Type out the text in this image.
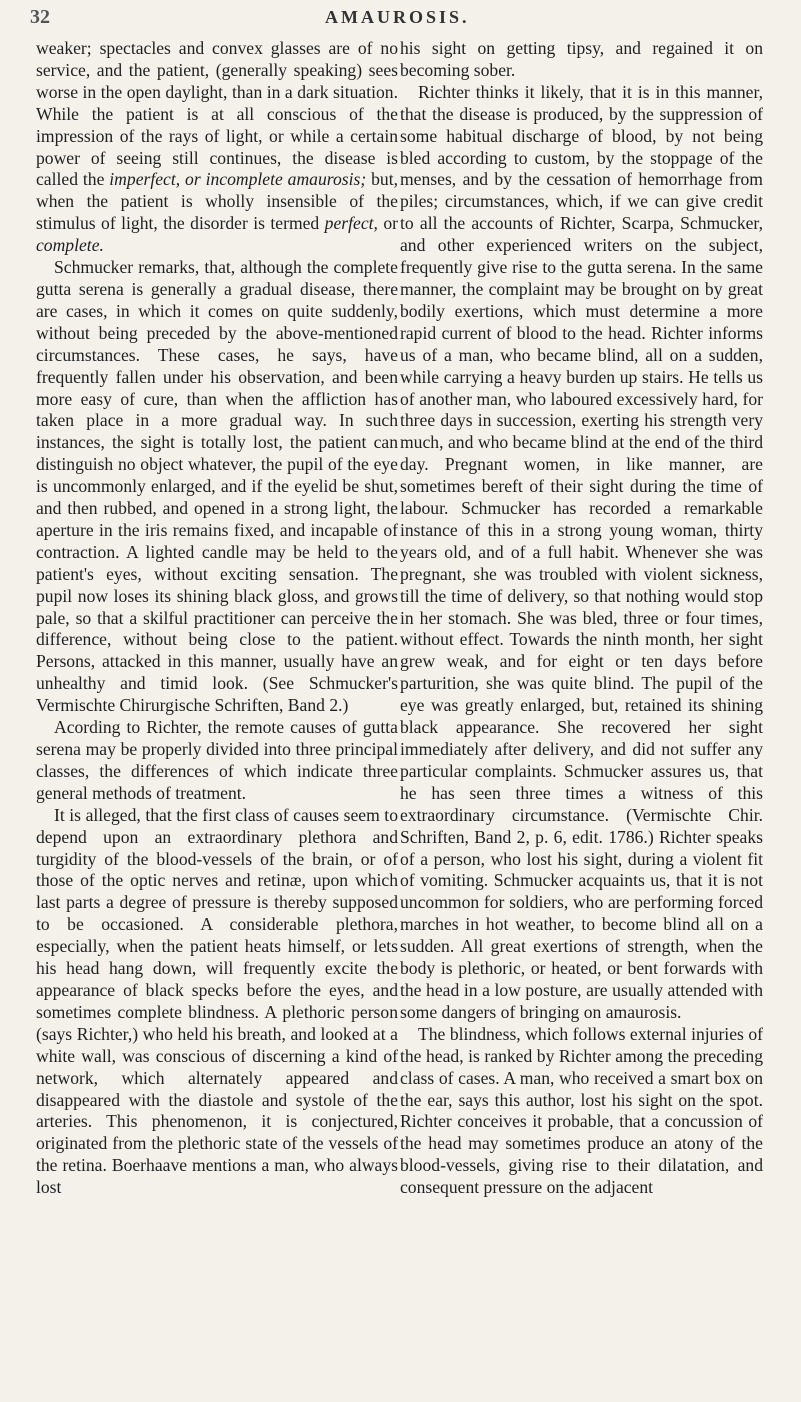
32	AMAUROSIS.

weaker; spectacles and convex glasses are of no service, and the patient, (generally speaking) sees worse in the open daylight, than in a dark situation. While the patient is at all conscious of the impression of the rays of light, or while a certain power of seeing still continues, the disease is called the imperfect, or incomplete amaurosis; but, when the patient is wholly insensible of the stimulus of light, the disorder is termed perfect, or complete.

Schmucker remarks, that, although the complete gutta serena is generally a gradual disease, there are cases, in which it comes on quite suddenly, without being preceded by the above-mentioned circumstances. These cases, he says, have frequently fallen under his observation, and been more easy of cure, than when the affliction has taken place in a more gradual way. In such instances, the sight is totally lost, the patient can distinguish no object whatever, the pupil of the eye is uncommonly enlarged, and if the eyelid be shut, and then rubbed, and opened in a strong light, the aperture in the iris remains fixed, and incapable of contraction. A lighted candle may be held to the patient's eyes, without exciting sensation. The pupil now loses its shining black gloss, and grows pale, so that a skilful practitioner can perceive the difference, without being close to the patient. Persons, attacked in this manner, usually have an unhealthy and timid look. (See Schmucker's Vermischte Chirurgische Schriften, Band 2.)

Acording to Richter, the remote causes of gutta serena may be properly divided into three principal classes, the differences of which indicate three general methods of treatment.

It is alleged, that the first class of causes seem to depend upon an extraordinary plethora and turgidity of the blood-vessels of the brain, or of those of the optic nerves and retinæ, upon which last parts a degree of pressure is thereby supposed to be occasioned. A considerable plethora, especially, when the patient heats himself, or lets his head hang down, will frequently excite the appearance of black specks before the eyes, and sometimes complete blindness. A plethoric person (says Richter,) who held his breath, and looked at a white wall, was conscious of discerning a kind of network, which alternately appeared and disappeared with the diastole and systole of the arteries. This phenomenon, it is conjectured, originated from the plethoric state of the vessels of the retina. Boerhaave mentions a man, who always lost

his sight on getting tipsy, and regained it on becoming sober.

Richter thinks it likely, that it is in this manner, that the disease is produced, by the suppression of some habitual discharge of blood, by not being bled according to custom, by the stoppage of the menses, and by the cessation of hemorrhage from piles; circumstances, which, if we can give credit to all the accounts of Richter, Scarpa, Schmucker, and other experienced writers on the subject, frequently give rise to the gutta serena. In the same manner, the complaint may be brought on by great bodily exertions, which must determine a more rapid current of blood to the head. Richter informs us of a man, who became blind, all on a sudden, while carrying a heavy burden up stairs. He tells us of another man, who laboured excessively hard, for three days in succession, exerting his strength very much, and who became blind at the end of the third day. Pregnant women, in like manner, are sometimes bereft of their sight during the time of labour. Schmucker has recorded a remarkable instance of this in a strong young woman, thirty years old, and of a full habit. Whenever she was pregnant, she was troubled with violent sickness, till the time of delivery, so that nothing would stop in her stomach. She was bled, three or four times, without effect. Towards the ninth month, her sight grew weak, and for eight or ten days before parturition, she was quite blind. The pupil of the eye was greatly enlarged, but, retained its shining black appearance. She recovered her sight immediately after delivery, and did not suffer any particular complaints. Schmucker assures us, that he has seen three times a witness of this extraordinary circumstance. (Vermischte Chir. Schriften, Band 2, p. 6, edit. 1786.) Richter speaks of a person, who lost his sight, during a violent fit of vomiting. Schmucker acquaints us, that it is not uncommon for soldiers, who are performing forced marches in hot weather, to become blind all on a sudden. All great exertions of strength, when the body is plethoric, or heated, or bent forwards with the head in a low posture, are usually attended with some dangers of bringing on amaurosis.

The blindness, which follows external injuries of the head, is ranked by Richter among the preceding class of cases. A man, who received a smart box on the ear, says this author, lost his sight on the spot. Richter conceives it probable, that a concussion of the head may sometimes produce an atony of the blood-vessels, giving rise to their dilatation, and consequent pressure on the adjacent
